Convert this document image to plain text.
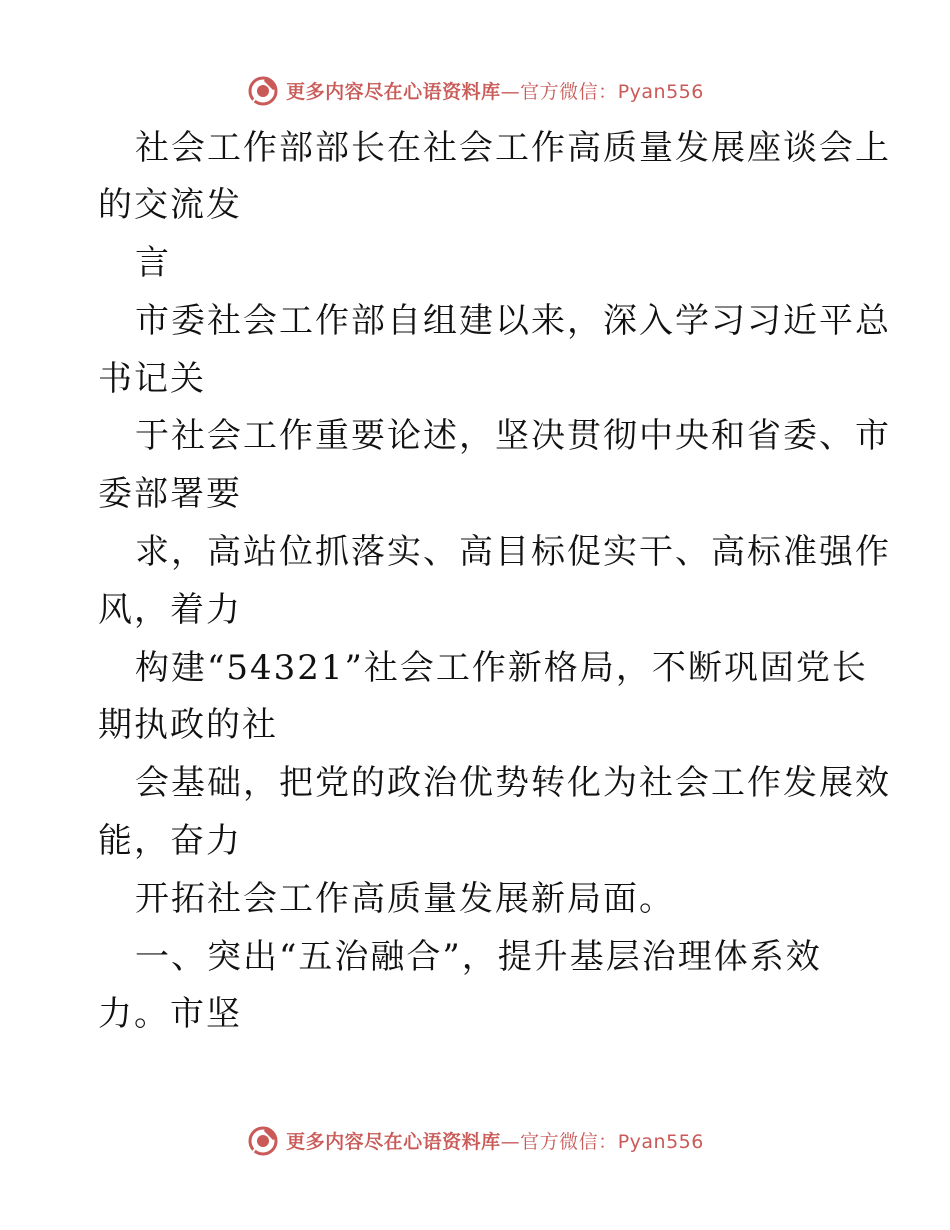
更多内容尽在心语资料库—官方微信：Pyan556
社会工作部部长在社会工作高质量发展座谈会上
的交流发
言
市委社会工作部自组建以来，深入学习习近平总
书记关
于社会工作重要论述，坚决贯彻中央和省委、市
委部署要
求，高站位抓落实、高目标促实干、高标准强作
风，着力
构建“54321”社会工作新格局，不断巩固党长
期执政的社
会基础，把党的政治优势转化为社会工作发展效
能，奋力
开拓社会工作高质量发展新局面。
一、突出“五治融合”，提升基层治理体系效
力。市坚
更多内容尽在心语资料库—官方微信：Pyan556
